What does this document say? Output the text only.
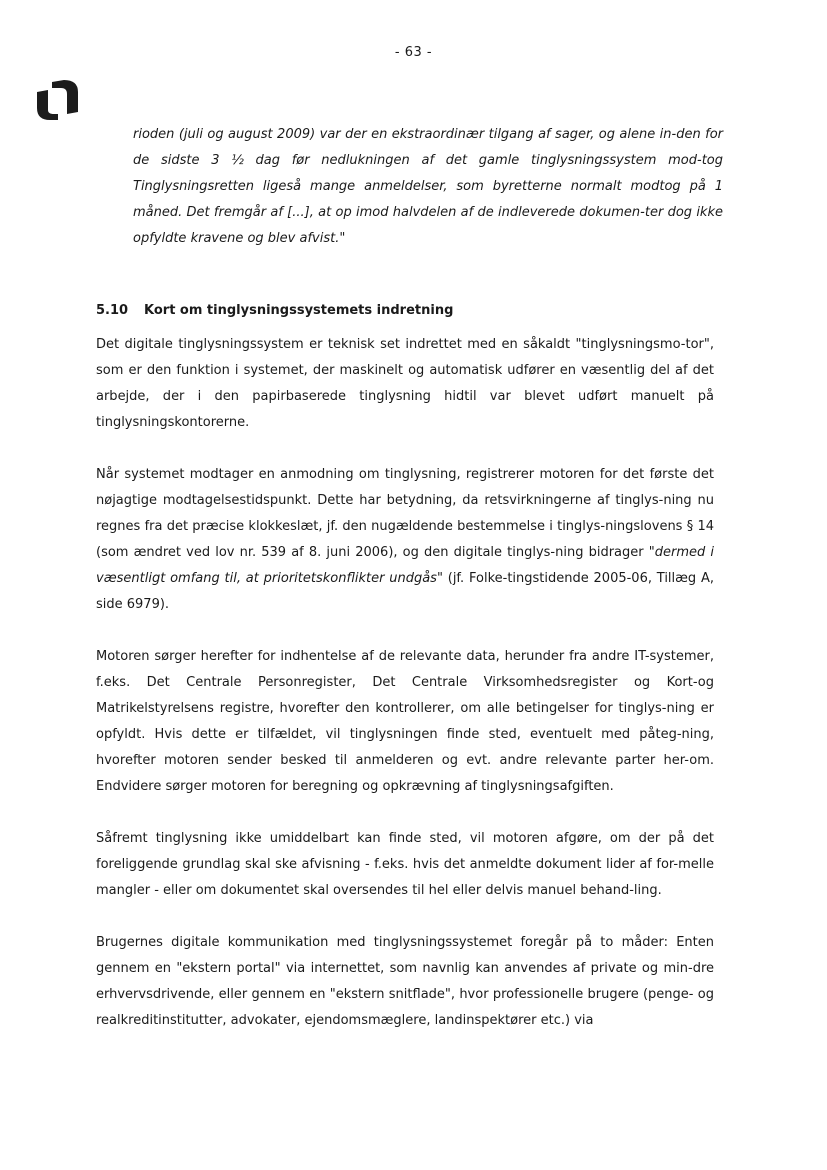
- 63 -

rioden (juli og august 2009) var der en ekstraordinær tilgang af sager, og alene in-den for de sidste 3 ½ dag før nedlukningen af det gamle tinglysningssystem mod-tog Tinglysningsretten ligeså mange anmeldelser, som byretterne normalt modtog på 1 måned. Det fremgår af [...], at op imod halvdelen af de indleverede dokumen-ter dog ikke opfyldte kravene og blev afvist."

5.10 Kort om tinglysningssystemets indretning

Det digitale tinglysningssystem er teknisk set indrettet med en såkaldt "tinglysningsmo-tor", som er den funktion i systemet, der maskinelt og automatisk udfører en væsentlig del af det arbejde, der i den papirbaserede tinglysning hidtil var blevet udført manuelt på tinglysningskontorerne.

Når systemet modtager en anmodning om tinglysning, registrerer motoren for det første det nøjagtige modtagelsestidspunkt. Dette har betydning, da retsvirkningerne af tinglys-ning nu regnes fra det præcise klokkeslæt, jf. den nugældende bestemmelse i tinglys-ningslovens § 14 (som ændret ved lov nr. 539 af 8. juni 2006), og den digitale tinglys-ning bidrager "dermed i væsentligt omfang til, at prioritetskonflikter undgås" (jf. Folke-tingstidende 2005-06, Tillæg A, side 6979).

Motoren sørger herefter for indhentelse af de relevante data, herunder fra andre IT-systemer, f.eks. Det Centrale Personregister, Det Centrale Virksomhedsregister og Kort-og Matrikelstyrelsens registre, hvorefter den kontrollerer, om alle betingelser for tinglys-ning er opfyldt. Hvis dette er tilfældet, vil tinglysningen finde sted, eventuelt med påteg-ning, hvorefter motoren sender besked til anmelderen og evt. andre relevante parter her-om. Endvidere sørger motoren for beregning og opkrævning af tinglysningsafgiften.

Såfremt tinglysning ikke umiddelbart kan finde sted, vil motoren afgøre, om der på det foreliggende grundlag skal ske afvisning - f.eks. hvis det anmeldte dokument lider af for-melle mangler - eller om dokumentet skal oversendes til hel eller delvis manuel behand-ling.

Brugernes digitale kommunikation med tinglysningssystemet foregår på to måder: Enten gennem en "ekstern portal" via internettet, som navnlig kan anvendes af private og min-dre erhvervsdrivende, eller gennem en "ekstern snitflade", hvor professionelle brugere (penge- og realkreditinstitutter, advokater, ejendomsmæglere, landinspektører etc.) via
